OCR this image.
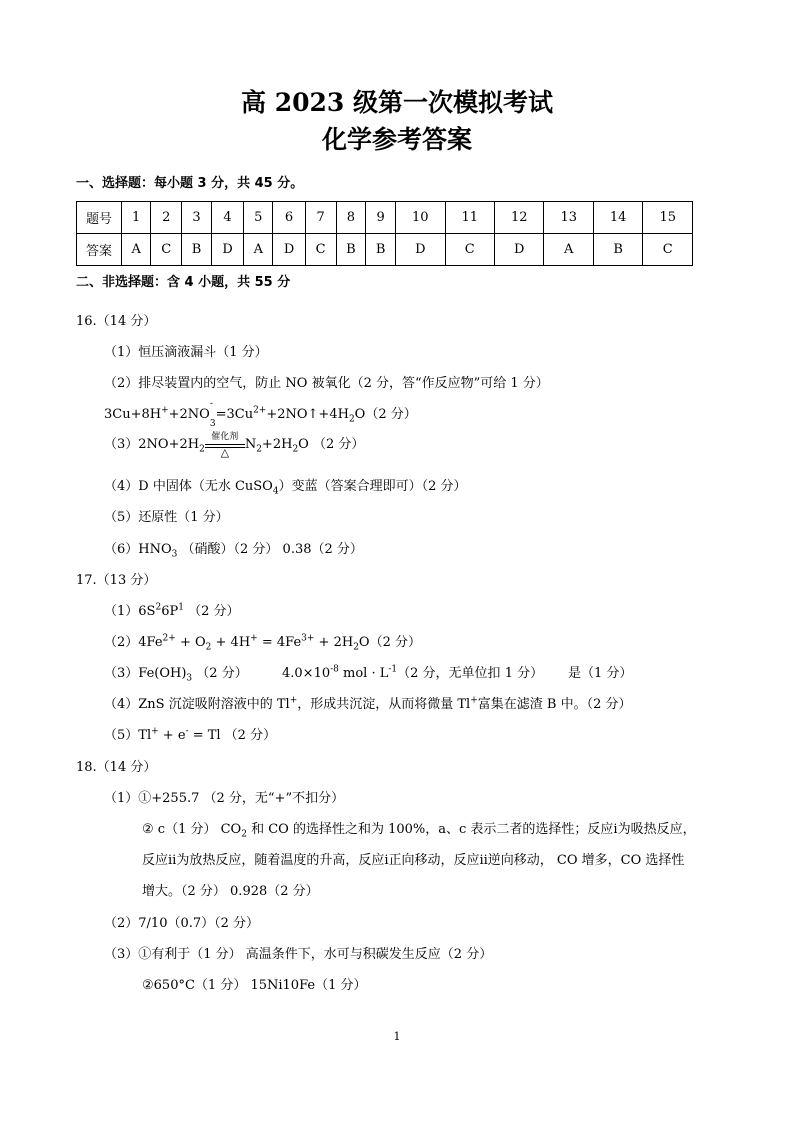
高 2023 级第一次模拟考试
化学参考答案
一、选择题：每小题 3 分，共 45 分。
题号	1	2	3	4	5	6	7	8	9	10	11	12	13	14	15
答案	A	C	B	D	A	D	C	B	B	D	C	D	A	B	C
二、非选择题：含 4 小题，共 55 分
16.（14 分）
（1）恒压滴液漏斗（1 分）
（2）排尽装置内的空气，防止 NO 被氧化（2 分，答“作反应物”可给 1 分）
3Cu+8H++2NO
-
$_3=3Cu^{2+}+2NO↑+4H_2O(2$ 分）
$(3)2NO+2H_2$
催化剂
△	$N_2+2H_2O$ （2 分）
（4）D 中固体（无水 CuSO$_4$）变蓝（答案合理即可）（2 分）
（5）还原性（1 分）
$(6)HNO_3$ （硝酸）（2 分） 0.38（2 分）
17.（13 分）
$(1)6S^26P^1$ （2 分）
$(2)4Fe^{2+} + O_2 + 4H^+ = 4Fe^{3+} + 2H_2O(2$ 分）
$(3)Fe(OH)_3$ （2 分）	$4.0\times 10^{-8}$ mol · $L^{-1}(2$ 分，无单位扣 1 分） 是（1 分）
（4）ZnS 沉淀吸附溶液中的 Tl+，形成共沉淀，从而将微量 Tl+富集在滤渣 B 中。（2 分）
（5）Tl+ + e- = Tl （2 分）
18.（14 分）
（1）①+255.7 （2 分，无“+”不扣分）
② c（1 分） $CO_2$ 和 CO 的选择性之和为 100%，a、c 表示二者的选择性；反应ⅰ为吸热反应，
反应ⅱ为放热反应，随着温度的升高，反应ⅰ正向移动，反应ⅱ逆向移动， CO 增多，CO 选择性
增大。（2 分） 0.928（2 分）
（2）7/10（0.7）（2 分）
（3）①有利于（1 分） 高温条件下，水可与积碳发生反应（2 分）
②650°C（1 分） 15Ni10Fe（1 分）
1
